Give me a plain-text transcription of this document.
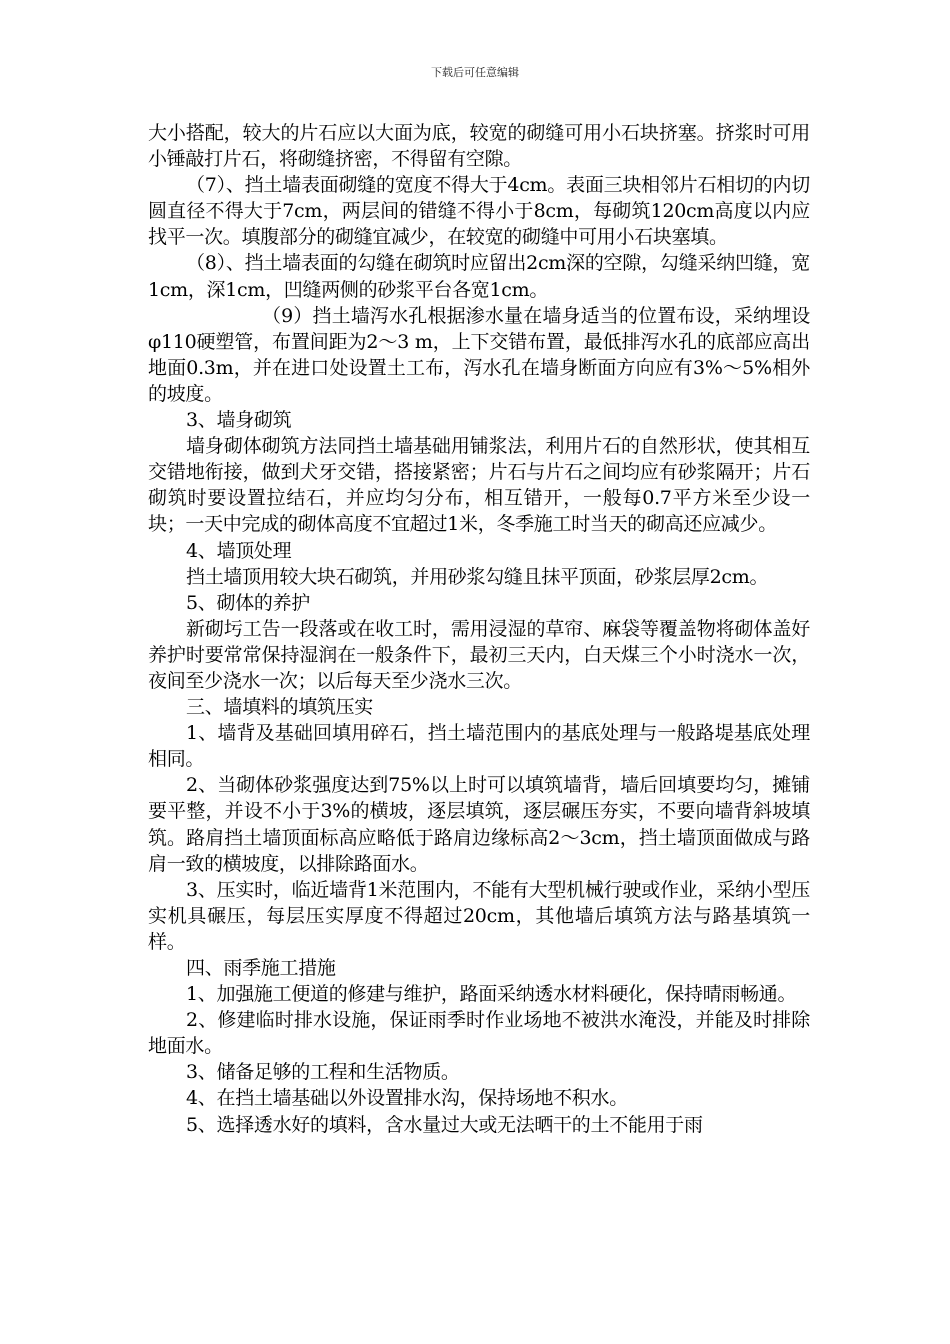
下载后可任意编辑

大小搭配，较大的片石应以大面为底，较宽的砌缝可用小石块挤塞。挤浆时可用小锤敲打片石，将砌缝挤密，不得留有空隙。

（7）、挡土墙表面砌缝的宽度不得大于4cm。表面三块相邻片石相切的内切圆直径不得大于7cm，两层间的错缝不得小于8cm，每砌筑120cm高度以内应找平一次。填腹部分的砌缝宜减少，在较宽的砌缝中可用小石块塞填。

（8）、挡土墙表面的勾缝在砌筑时应留出2cm深的空隙，勾缝采纳凹缝，宽1cm，深1cm，凹缝两侧的砂浆平台各宽1cm。

（9）挡土墙泻水孔根据渗水量在墙身适当的位置布设，采纳埋设φ110硬塑管，布置间距为2～3 m，上下交错布置，最低排泻水孔的底部应高出地面0.3m，并在进口处设置土工布，泻水孔在墙身断面方向应有3%～5%相外的坡度。

3、墙身砌筑

墙身砌体砌筑方法同挡土墙基础用铺浆法，利用片石的自然形状，使其相互交错地衔接，做到犬牙交错，搭接紧密；片石与片石之间均应有砂浆隔开；片石砌筑时要设置拉结石，并应均匀分布，相互错开，一般每0.7平方米至少设一块；一天中完成的砌体高度不宜超过1米，冬季施工时当天的砌高还应减少。

4、墙顶处理

挡土墙顶用较大块石砌筑，并用砂浆勾缝且抹平顶面，砂浆层厚2cm。

5、砌体的养护

新砌圬工告一段落或在收工时，需用浸湿的草帘、麻袋等覆盖物将砌体盖好养护时要常常保持湿润在一般条件下，最初三天内，白天煤三个小时浇水一次，夜间至少浇水一次；以后每天至少浇水三次。

三、墙填料的填筑压实

1、墙背及基础回填用碎石，挡土墙范围内的基底处理与一般路堤基底处理相同。

2、当砌体砂浆强度达到75%以上时可以填筑墙背，墙后回填要均匀，摊铺要平整，并设不小于3%的横坡，逐层填筑，逐层碾压夯实，不要向墙背斜坡填筑。路肩挡土墙顶面标高应略低于路肩边缘标高2～3cm，挡土墙顶面做成与路肩一致的横坡度，以排除路面水。

3、压实时，临近墙背1米范围内，不能有大型机械行驶或作业，采纳小型压实机具碾压，每层压实厚度不得超过20cm，其他墙后填筑方法与路基填筑一样。

四、雨季施工措施

1、加强施工便道的修建与维护，路面采纳透水材料硬化，保持晴雨畅通。

2、修建临时排水设施，保证雨季时作业场地不被洪水淹没，并能及时排除地面水。

3、储备足够的工程和生活物质。

4、在挡土墙基础以外设置排水沟，保持场地不积水。

5、选择透水好的填料，含水量过大或无法晒干的土不能用于雨
